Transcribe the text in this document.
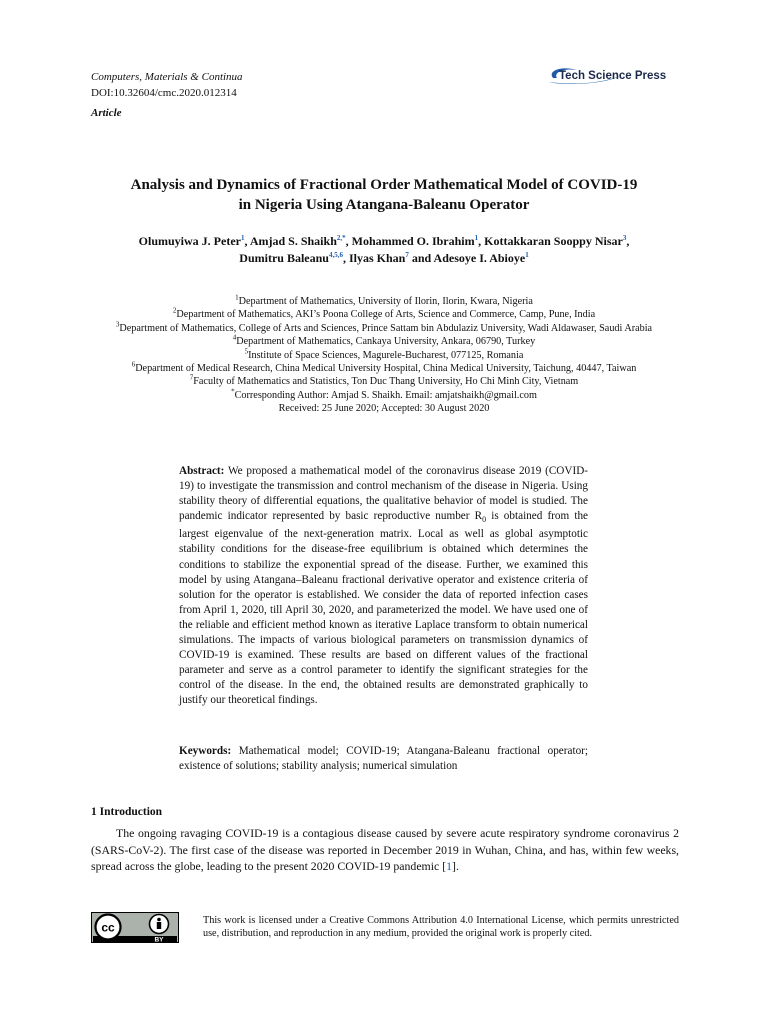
Computers, Materials & Continua
DOI:10.32604/cmc.2020.012314
Article
Tech Science Press
Analysis and Dynamics of Fractional Order Mathematical Model of COVID-19
in Nigeria Using Atangana-Baleanu Operator
Olumuyiwa J. Peter$^1$, Amjad S. Shaikh$^{2,*}$, Mohammed O. Ibrahim$^1$, Kottakkaran Sooppy Nisar$^3$,
Dumitru Baleanu$^{4,5,6}$, Ilyas Khan$^7$ and Adesoye I. Abioye$^1$
$^1$Department of Mathematics, University of Ilorin, Ilorin, Kwara, Nigeria
$^2$Department of Mathematics, AKI’s Poona College of Arts, Science and Commerce, Camp, Pune, India
$^3$Department of Mathematics, College of Arts and Sciences, Prince Sattam bin Abdulaziz University, Wadi Aldawaser, Saudi Arabia
$^4$Department of Mathematics, Cankaya University, Ankara, 06790, Turkey
$^5$Institute of Space Sciences, Magurele-Bucharest, 077125, Romania
$^6$Department of Medical Research, China Medical University Hospital, China Medical University, Taichung, 40447, Taiwan
$^7$Faculty of Mathematics and Statistics, Ton Duc Thang University, Ho Chi Minh City, Vietnam
*Corresponding Author: Amjad S. Shaikh. Email: amjatshaikh@gmail.com
Received: 25 June 2020; Accepted: 30 August 2020
Abstract: We proposed a mathematical model of the coronavirus disease 2019 (COVID-19) to investigate the transmission and control mechanism of the disease in Nigeria. Using stability theory of differential equations, the qualitative behavior of model is studied. The pandemic indicator represented by basic reproductive number $R_0$ is obtained from the largest eigenvalue of the next-generation matrix. Local as well as global asymptotic stability conditions for the disease-free equilibrium is obtained which determines the conditions to stabilize the exponential spread of the disease. Further, we examined this model by using Atangana–Baleanu fractional derivative operator and existence criteria of solution for the operator is established. We consider the data of reported infection cases from April 1, 2020, till April 30, 2020, and parameterized the model. We have used one of the reliable and efficient method known as iterative Laplace transform to obtain numerical simulations. The impacts of various biological parameters on transmission dynamics of COVID-19 is examined. These results are based on different values of the fractional parameter and serve as a control parameter to identify the significant strategies for the control of the disease. In the end, the obtained results are demonstrated graphically to justify our theoretical findings.
Keywords: Mathematical model; COVID-19; Atangana-Baleanu fractional operator; existence of solutions; stability analysis; numerical simulation
1 Introduction
The ongoing ravaging COVID-19 is a contagious disease caused by severe acute respiratory syndrome coronavirus 2 (SARS-CoV-2). The first case of the disease was reported in December 2019 in Wuhan, China, and has, within few weeks, spread across the globe, leading to the present 2020 COVID-19 pandemic [1].
cc
BY
This work is licensed under a Creative Commons Attribution 4.0 International License, which permits unrestricted use, distribution, and reproduction in any medium, provided the original work is properly cited.
